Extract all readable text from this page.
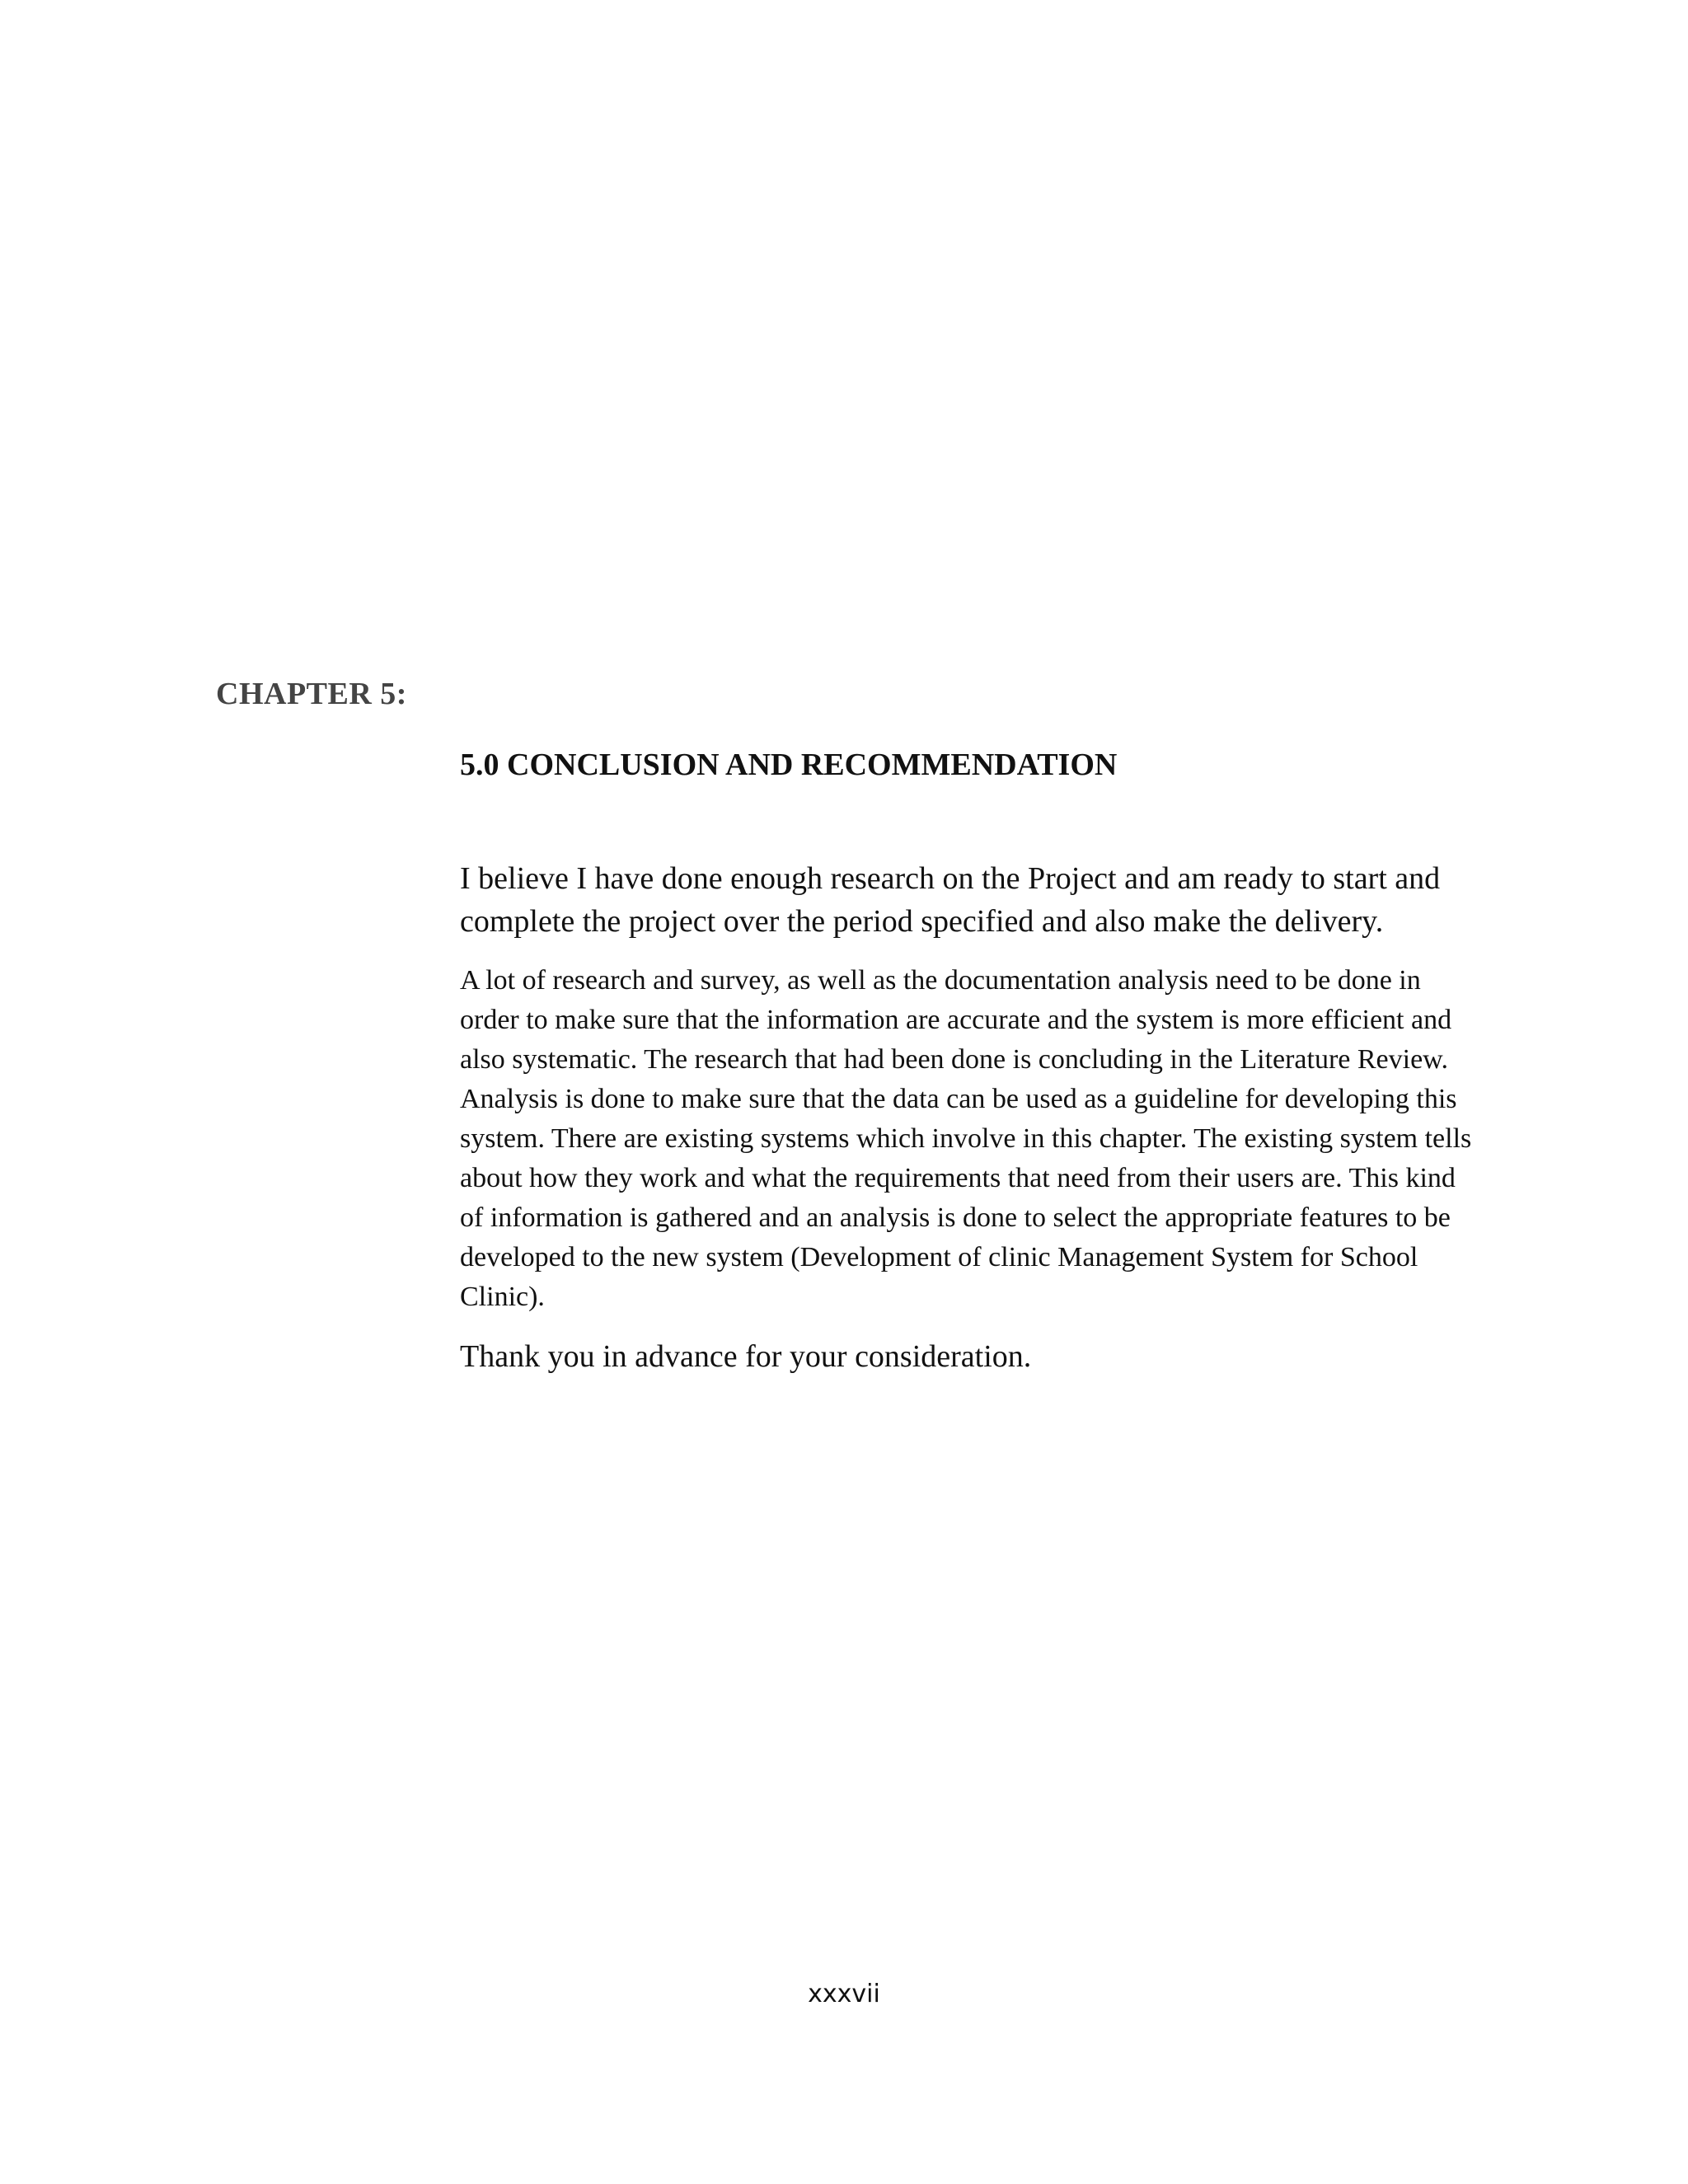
CHAPTER 5:
5.0 CONCLUSION AND RECOMMENDATION

I believe I have done enough research on the Project and am ready to start and complete the project over the period specified and also make the delivery.

A lot of research and survey, as well as the documentation analysis need to be done in order to make sure that the information are accurate and the system is more efficient and also systematic. The research that had been done is concluding in the Literature Review. Analysis is done to make sure that the data can be used as a guideline for developing this system. There are existing systems which involve in this chapter. The existing system tells about how they work and what the requirements that need from their users are. This kind of information is gathered and an analysis is done to select the appropriate features to be developed to the new system (Development of clinic Management System for School Clinic).

Thank you in advance for your consideration.

xxxvii
